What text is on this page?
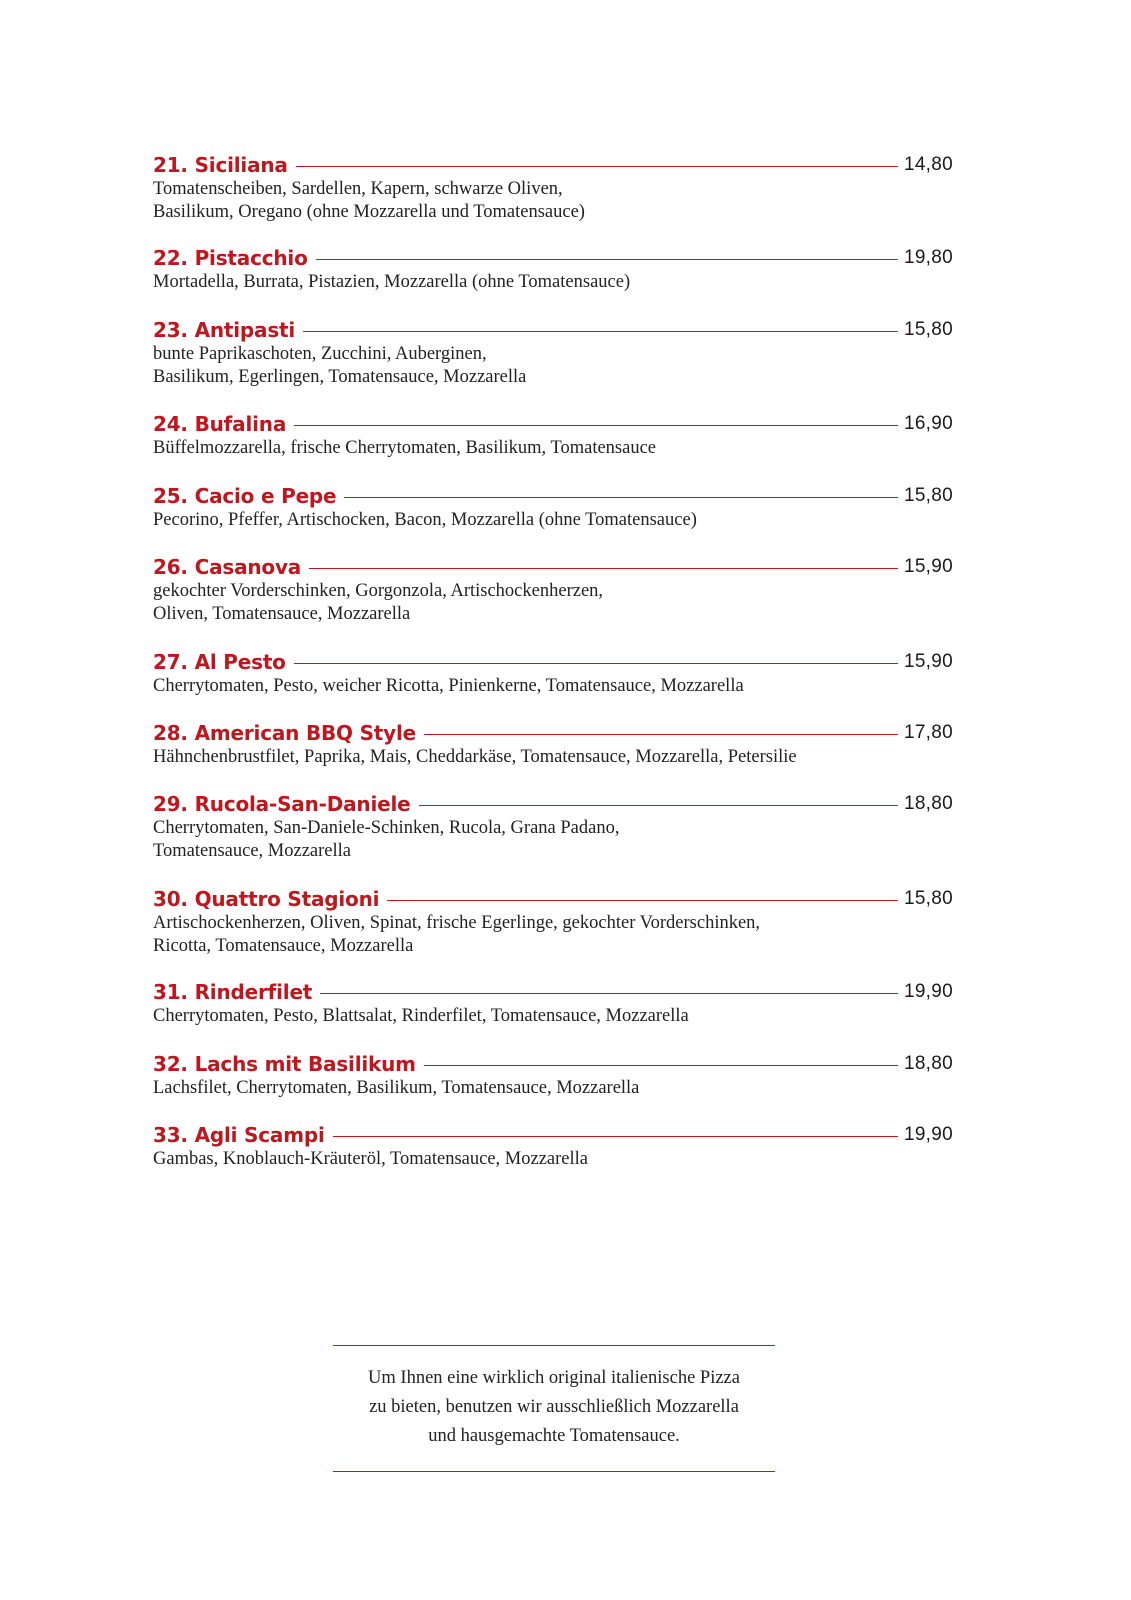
21. Siciliana	14,80
Tomatenscheiben, Sardellen, Kapern, schwarze Oliven,
Basilikum, Oregano (ohne Mozzarella und Tomatensauce)
22. Pistacchio	19,80
Mortadella, Burrata, Pistazien, Mozzarella (ohne Tomatensauce)
23. Antipasti	15,80
bunte Paprikaschoten, Zucchini, Auberginen,
Basilikum, Egerlingen, Tomatensauce, Mozzarella
24. Bufalina	16,90
Büffelmozzarella, frische Cherrytomaten, Basilikum, Tomatensauce
25. Cacio e Pepe	15,80
Pecorino, Pfeffer, Artischocken, Bacon, Mozzarella (ohne Tomatensauce)
26. Casanova	15,90
gekochter Vorderschinken, Gorgonzola, Artischockenherzen,
Oliven, Tomatensauce, Mozzarella
27. Al Pesto	15,90
Cherrytomaten, Pesto, weicher Ricotta, Pinienkerne, Tomatensauce, Mozzarella
28. American BBQ Style	17,80
Hähnchenbrustfilet, Paprika, Mais, Cheddarkäse, Tomatensauce, Mozzarella, Petersilie
29. Rucola-San-Daniele	18,80
Cherrytomaten, San-Daniele-Schinken, Rucola, Grana Padano,
Tomatensauce, Mozzarella
30. Quattro Stagioni	15,80
Artischockenherzen, Oliven, Spinat, frische Egerlinge, gekochter Vorderschinken,
Ricotta, Tomatensauce, Mozzarella
31. Rinderfilet	19,90
Cherrytomaten, Pesto, Blattsalat, Rinderfilet, Tomatensauce, Mozzarella
32. Lachs mit Basilikum	18,80
Lachsfilet, Cherrytomaten, Basilikum, Tomatensauce, Mozzarella
33. Agli Scampi	19,90
Gambas, Knoblauch-Kräuteröl, Tomatensauce, Mozzarella
Um Ihnen eine wirklich original italienische Pizza
zu bieten, benutzen wir ausschließlich Mozzarella
und hausgemachte Tomatensauce.
